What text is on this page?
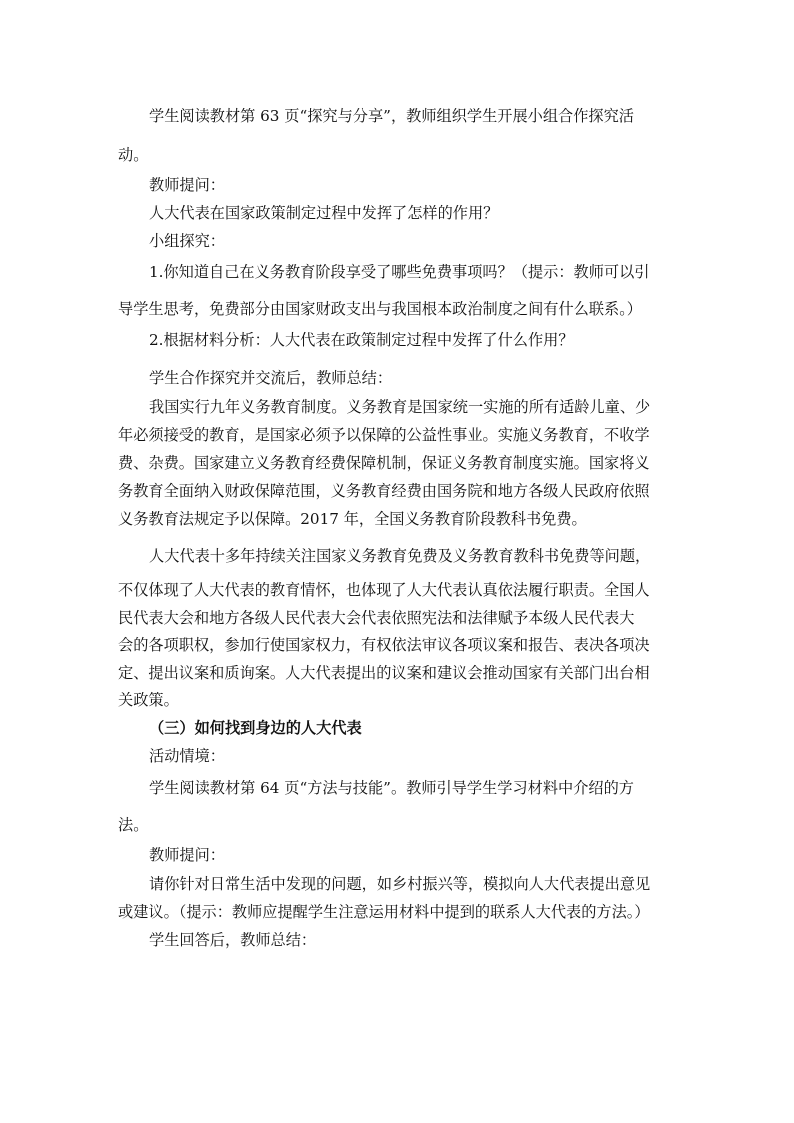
学生阅读教材第 63 页“探究与分享”，教师组织学生开展小组合作探究活

动。

教师提问：

人大代表在国家政策制定过程中发挥了怎样的作用？

小组探究：

1.你知道自己在义务教育阶段享受了哪些免费事项吗？（提示：教师可以引

导学生思考，免费部分由国家财政支出与我国根本政治制度之间有什么联系。）

2.根据材料分析：人大代表在政策制定过程中发挥了什么作用？

学生合作探究并交流后，教师总结：

我国实行九年义务教育制度。义务教育是国家统一实施的所有适龄儿童、少

年必须接受的教育，是国家必须予以保障的公益性事业。实施义务教育，不收学

费、杂费。国家建立义务教育经费保障机制，保证义务教育制度实施。国家将义

务教育全面纳入财政保障范围，义务教育经费由国务院和地方各级人民政府依照

义务教育法规定予以保障。2017 年，全国义务教育阶段教科书免费。

人大代表十多年持续关注国家义务教育免费及义务教育教科书免费等问题，

不仅体现了人大代表的教育情怀，也体现了人大代表认真依法履行职责。全国人

民代表大会和地方各级人民代表大会代表依照宪法和法律赋予本级人民代表大

会的各项职权，参加行使国家权力，有权依法审议各项议案和报告、表决各项决

定、提出议案和质询案。人大代表提出的议案和建议会推动国家有关部门出台相

关政策。

（三）如何找到身边的人大代表

活动情境：

学生阅读教材第 64 页“方法与技能”。教师引导学生学习材料中介绍的方

法。

教师提问：

请你针对日常生活中发现的问题，如乡村振兴等，模拟向人大代表提出意见

或建议。（提示：教师应提醒学生注意运用材料中提到的联系人大代表的方法。）

学生回答后，教师总结：
